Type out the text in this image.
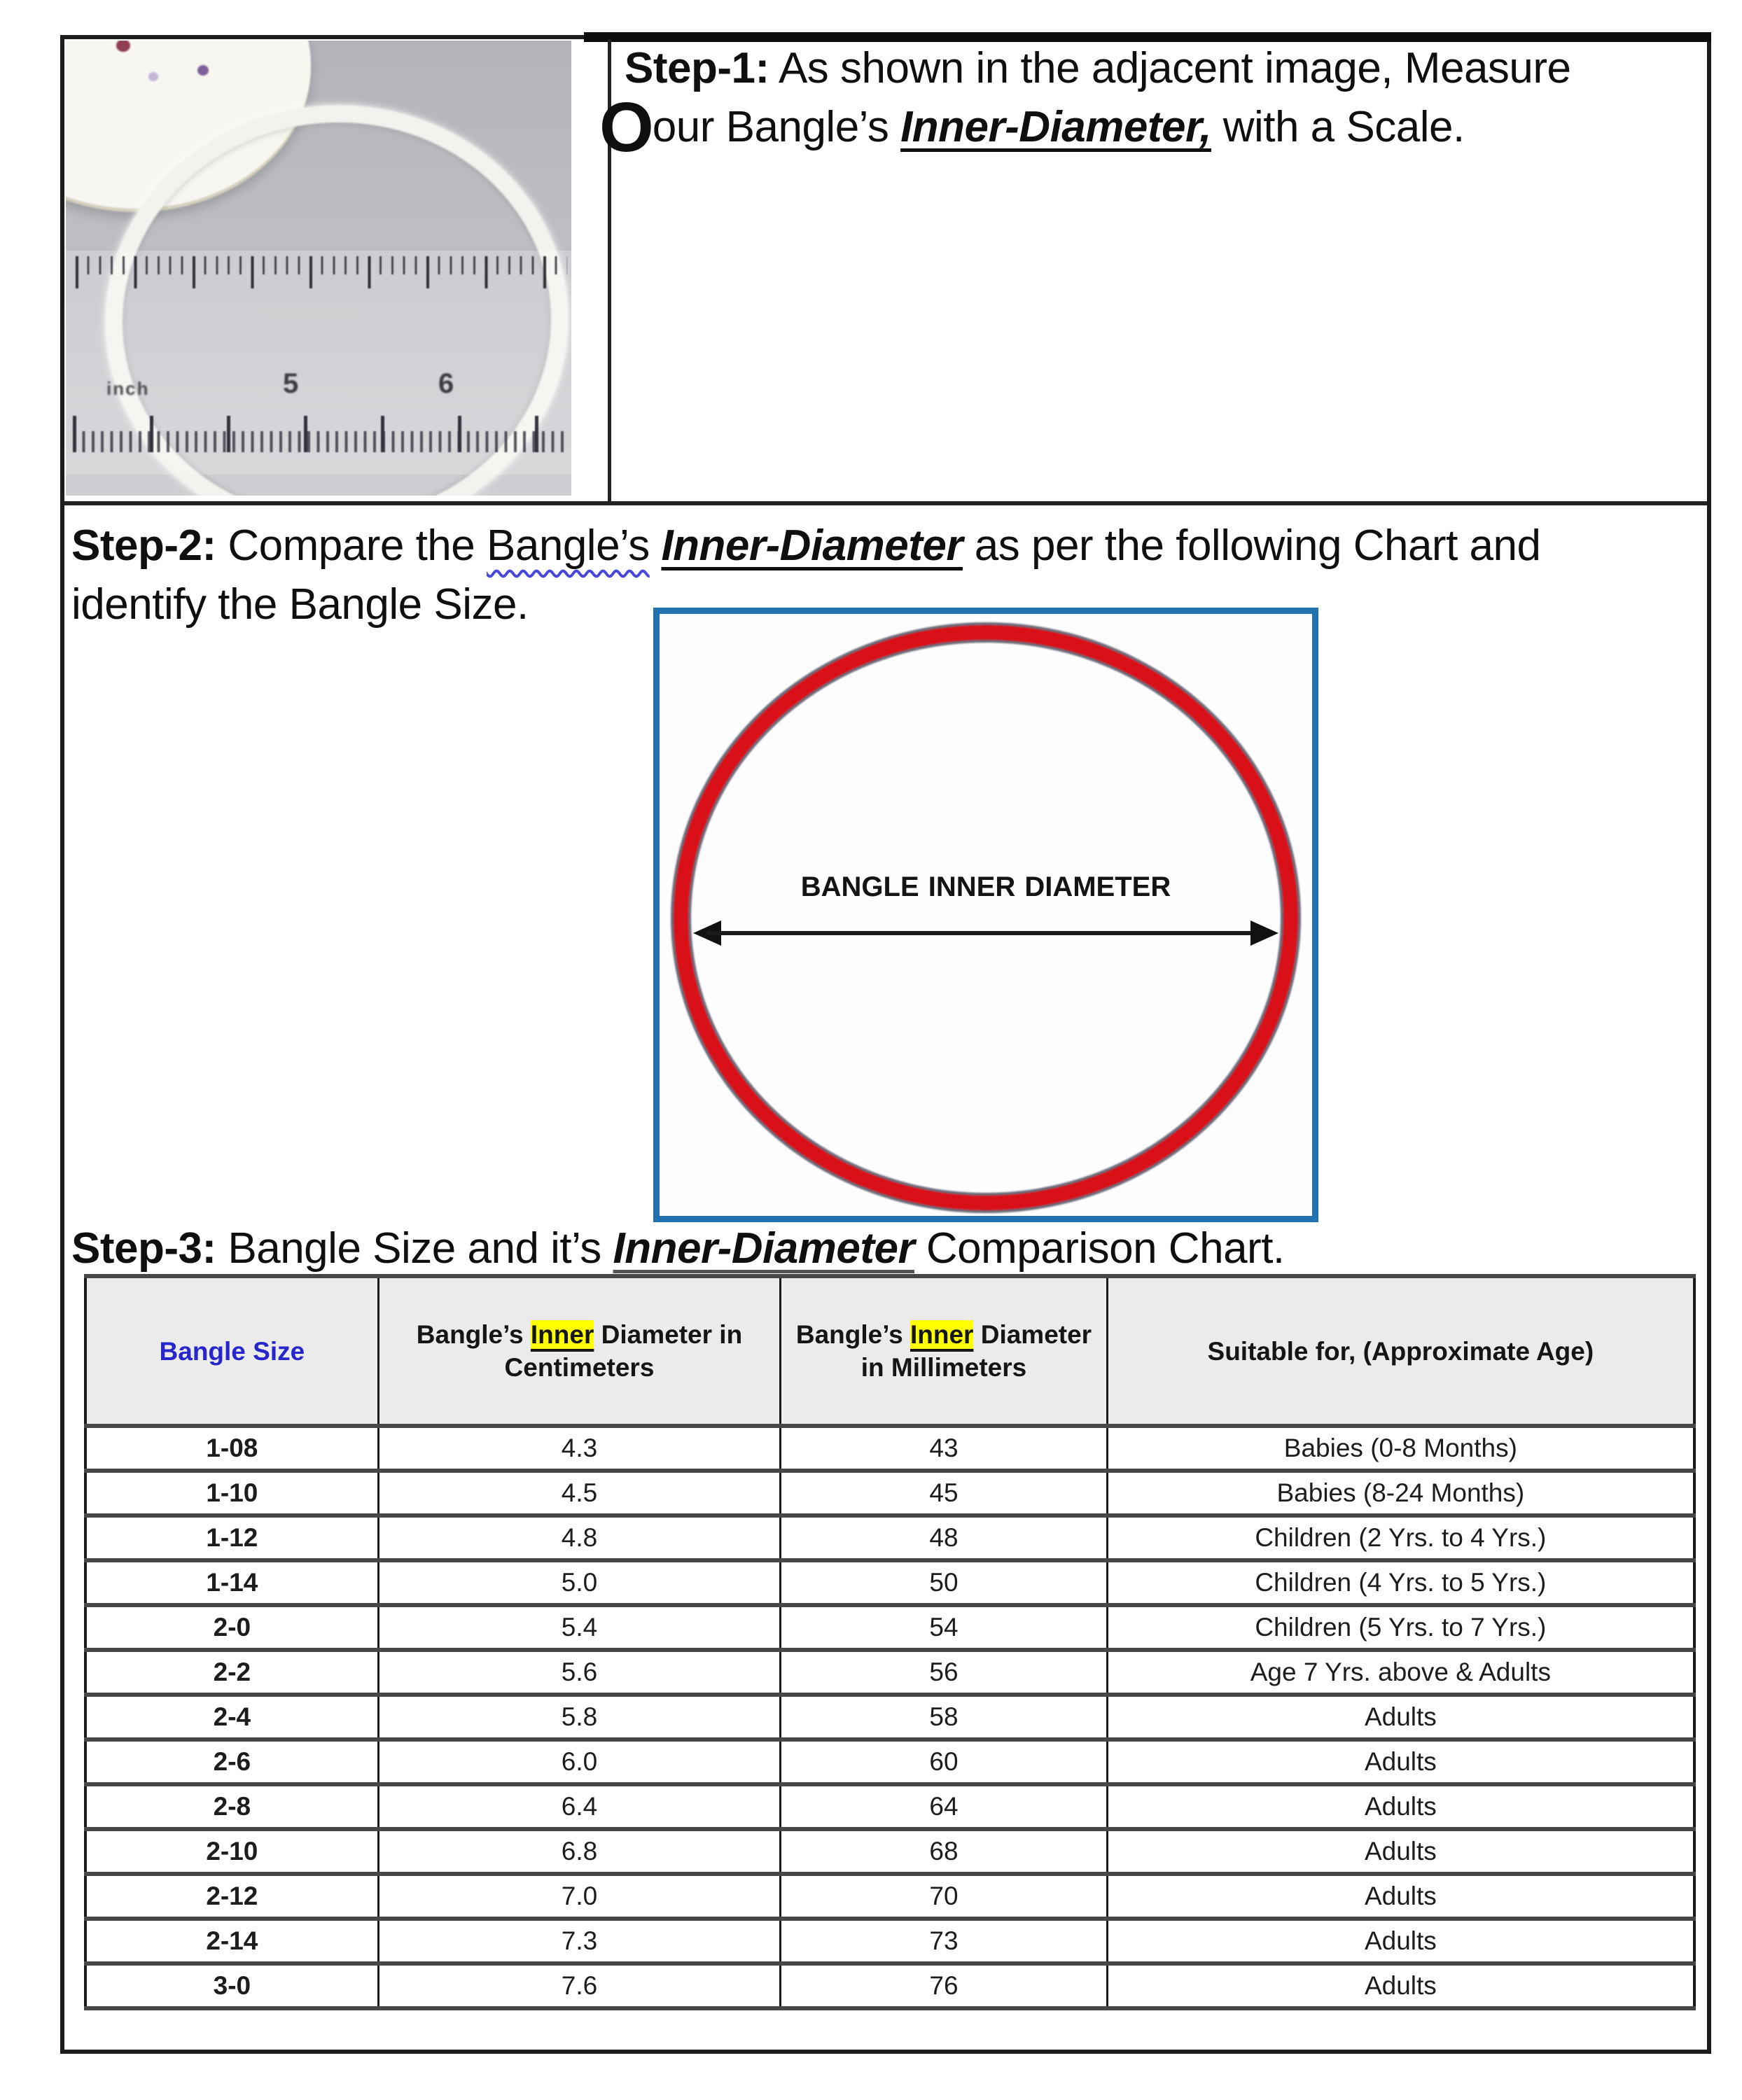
inch	5	6
Step-1: As shown in the adjacent image, Measure
Oour Bangle’s Inner-Diameter, with a Scale.
Step-2: Compare the Bangle’s Inner-Diameter as per the following Chart and
identify the Bangle Size.
BANGLE INNER DIAMETER
Step-3: Bangle Size and it’s Inner-Diameter Comparison Chart.
Bangle Size	Bangle’s Inner Diameter in Centimeters	Bangle’s Inner Diameter in Millimeters	Suitable for, (Approximate Age)
1-08	4.3	43	Babies (0-8 Months)
1-10	4.5	45	Babies (8-24 Months)
1-12	4.8	48	Children (2 Yrs. to 4 Yrs.)
1-14	5.0	50	Children (4 Yrs. to 5 Yrs.)
2-0	5.4	54	Children (5 Yrs. to 7 Yrs.)
2-2	5.6	56	Age 7 Yrs. above & Adults
2-4	5.8	58	Adults
2-6	6.0	60	Adults
2-8	6.4	64	Adults
2-10	6.8	68	Adults
2-12	7.0	70	Adults
2-14	7.3	73	Adults
3-0	7.6	76	Adults
